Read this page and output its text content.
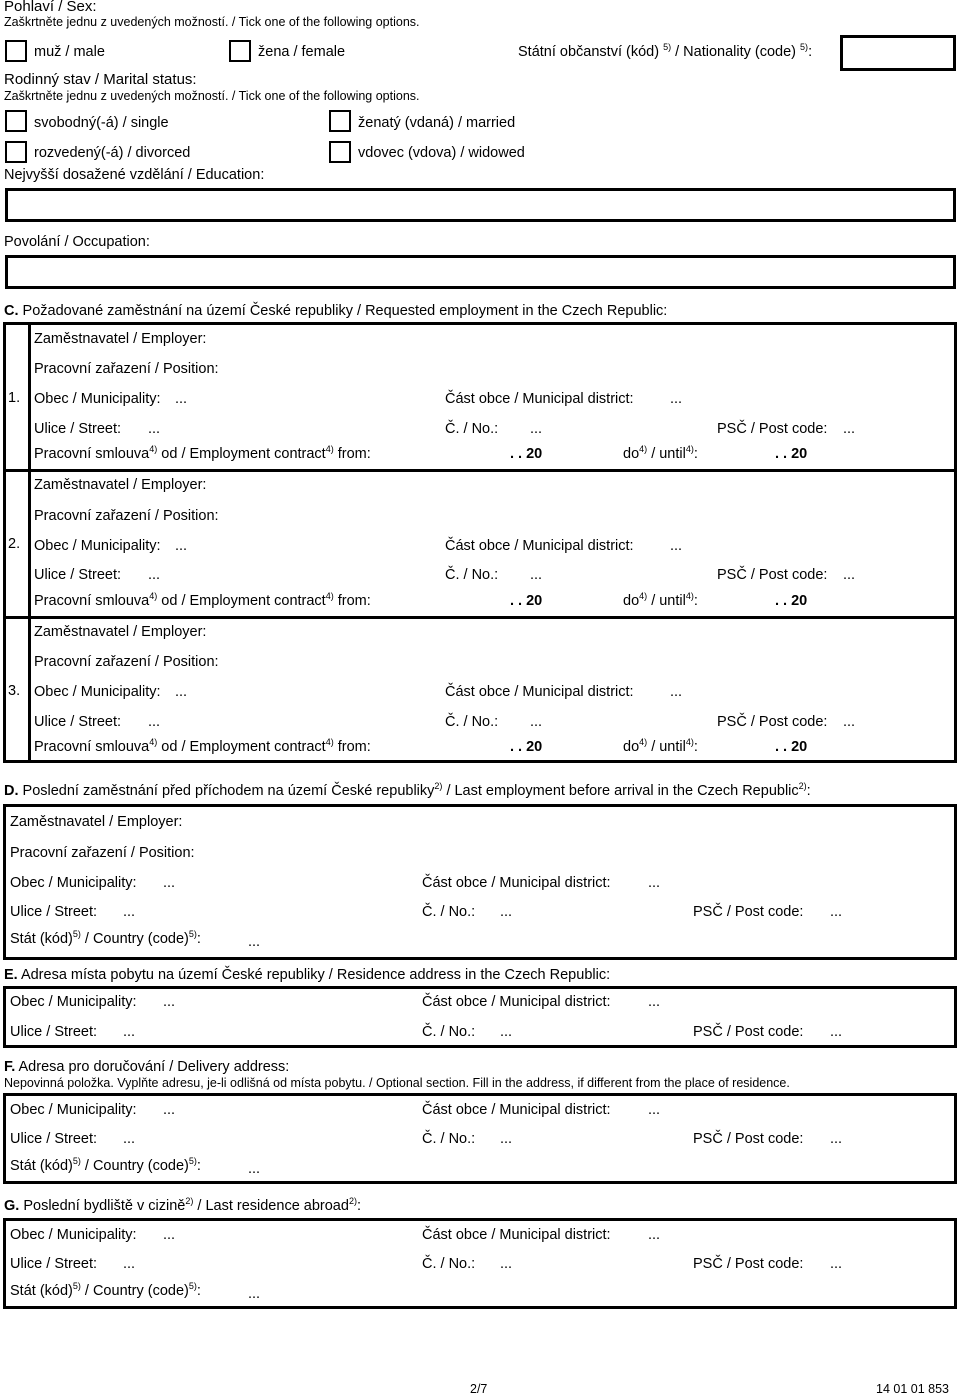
Pohlaví / Sex:
Zaškrtněte jednu z uvedených možností. / Tick one of the following options.
muž / male	žena / female	Státní občanství (kód) $^{5)}$ / Nationality (code) $^{5)}$:
Rodinný stav / Marital status:
Zaškrtněte jednu z uvedených možností. / Tick one of the following options.
svobodný(-á) / single	ženatý (vdaná) / married
rozvedený(-á) / divorced	vdovec (vdova) / widowed
Nejvyšší dosažené vzdělání / Education:
Povolání / Occupation:
C. Požadované zaměstnání na území České republiky / Requested employment in the Czech Republic:
1.
Zaměstnavatel / Employer:
Pracovní zařazení / Position:
Obec / Municipality: ...	Část obce / Municipal district:	...
Ulice / Street: ...	Č. / No.: ...	PSČ / Post code: ...
Pracovní smlouva$^{4)}$ od / Employment contract$^{4)}$ from:	. . 20	$do^{4)}$ / until$^{4)}$:	. . 20
2.
Zaměstnavatel / Employer:
Pracovní zařazení / Position:
Obec / Municipality: ...	Část obce / Municipal district:	...
Ulice / Street: ...	Č. / No.: ...	PSČ / Post code: ...
Pracovní smlouva$^{4)}$ od / Employment contract$^{4)}$ from:	. . 20	$do^{4)}$ / until$^{4)}$:	. . 20
3.
Zaměstnavatel / Employer:
Pracovní zařazení / Position:
Obec / Municipality: ...	Část obce / Municipal district:	...
Ulice / Street: ...	Č. / No.: ...	PSČ / Post code: ...
Pracovní smlouva$^{4)}$ od / Employment contract$^{4)}$ from:	. . 20	$do^{4)}$ / until$^{4)}$:	. . 20
D. Poslední zaměstnání před příchodem na území České republiky$^{2)}$ / Last employment before arrival in the Czech Republic$^{2)}$:
Zaměstnavatel / Employer:
Pracovní zařazení / Position:
Obec / Municipality: ...	Část obce / Municipal district:	...
Ulice / Street: ...	Č. / No.: ...	PSČ / Post code: ...
Stát (kód)$^{5)}$ / Country (code)$^{5)}$:	...
E. Adresa místa pobytu na území České republiky / Residence address in the Czech Republic:
Obec / Municipality: ...	Část obce / Municipal district:	...
Ulice / Street: ...	Č. / No.: ...	PSČ / Post code: ...
F. Adresa pro doručování / Delivery address:
Nepovinná položka. Vyplňte adresu, je-li odlišná od místa pobytu. / Optional section. Fill in the address, if different from the place of residence.
Obec / Municipality: ...	Část obce / Municipal district:	...
Ulice / Street: ...	Č. / No.: ...	PSČ / Post code: ...
Stát (kód)$^{5)}$ / Country (code)$^{5)}$:	...
G. Poslední bydliště v cizině$^{2)}$ / Last residence abroad$^{2)}$:
Obec / Municipality: ...	Část obce / Municipal district:	...
Ulice / Street: ...	Č. / No.: ...	PSČ / Post code: ...
Stát (kód)$^{5)}$ / Country (code)$^{5)}$:	...
2/7	14 01 01 853
